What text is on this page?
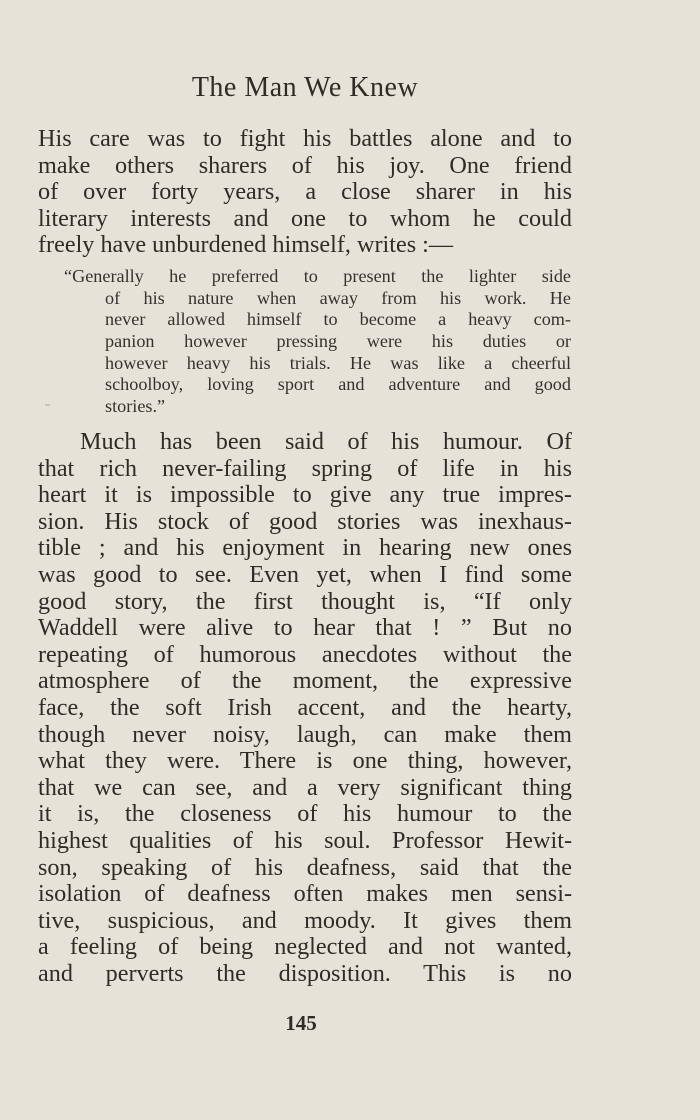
The Man We Knew
His care was to fight his battles alone and to
make others sharers of his joy. One friend
of over forty years, a close sharer in his
literary interests and one to whom he could
freely have unburdened himself, writes :—
“Generally he preferred to present the lighter side
of his nature when away from his work. He
never allowed himself to become a heavy com-
panion however pressing were his duties or
however heavy his trials. He was like a cheerful
schoolboy, loving sport and adventure and good
stories.”
Much has been said of his humour. Of
that rich never-failing spring of life in his
heart it is impossible to give any true impres-
sion. His stock of good stories was inexhaus-
tible ; and his enjoyment in hearing new ones
was good to see. Even yet, when I find some
good story, the first thought is, “If only
Waddell were alive to hear that ! ” But no
repeating of humorous anecdotes without the
atmosphere of the moment, the expressive
face, the soft Irish accent, and the hearty,
though never noisy, laugh, can make them
what they were. There is one thing, however,
that we can see, and a very significant thing
it is, the closeness of his humour to the
highest qualities of his soul. Professor Hewit-
son, speaking of his deafness, said that the
isolation of deafness often makes men sensi-
tive, suspicious, and moody. It gives them
a feeling of being neglected and not wanted,
and perverts the disposition. This is no
145
